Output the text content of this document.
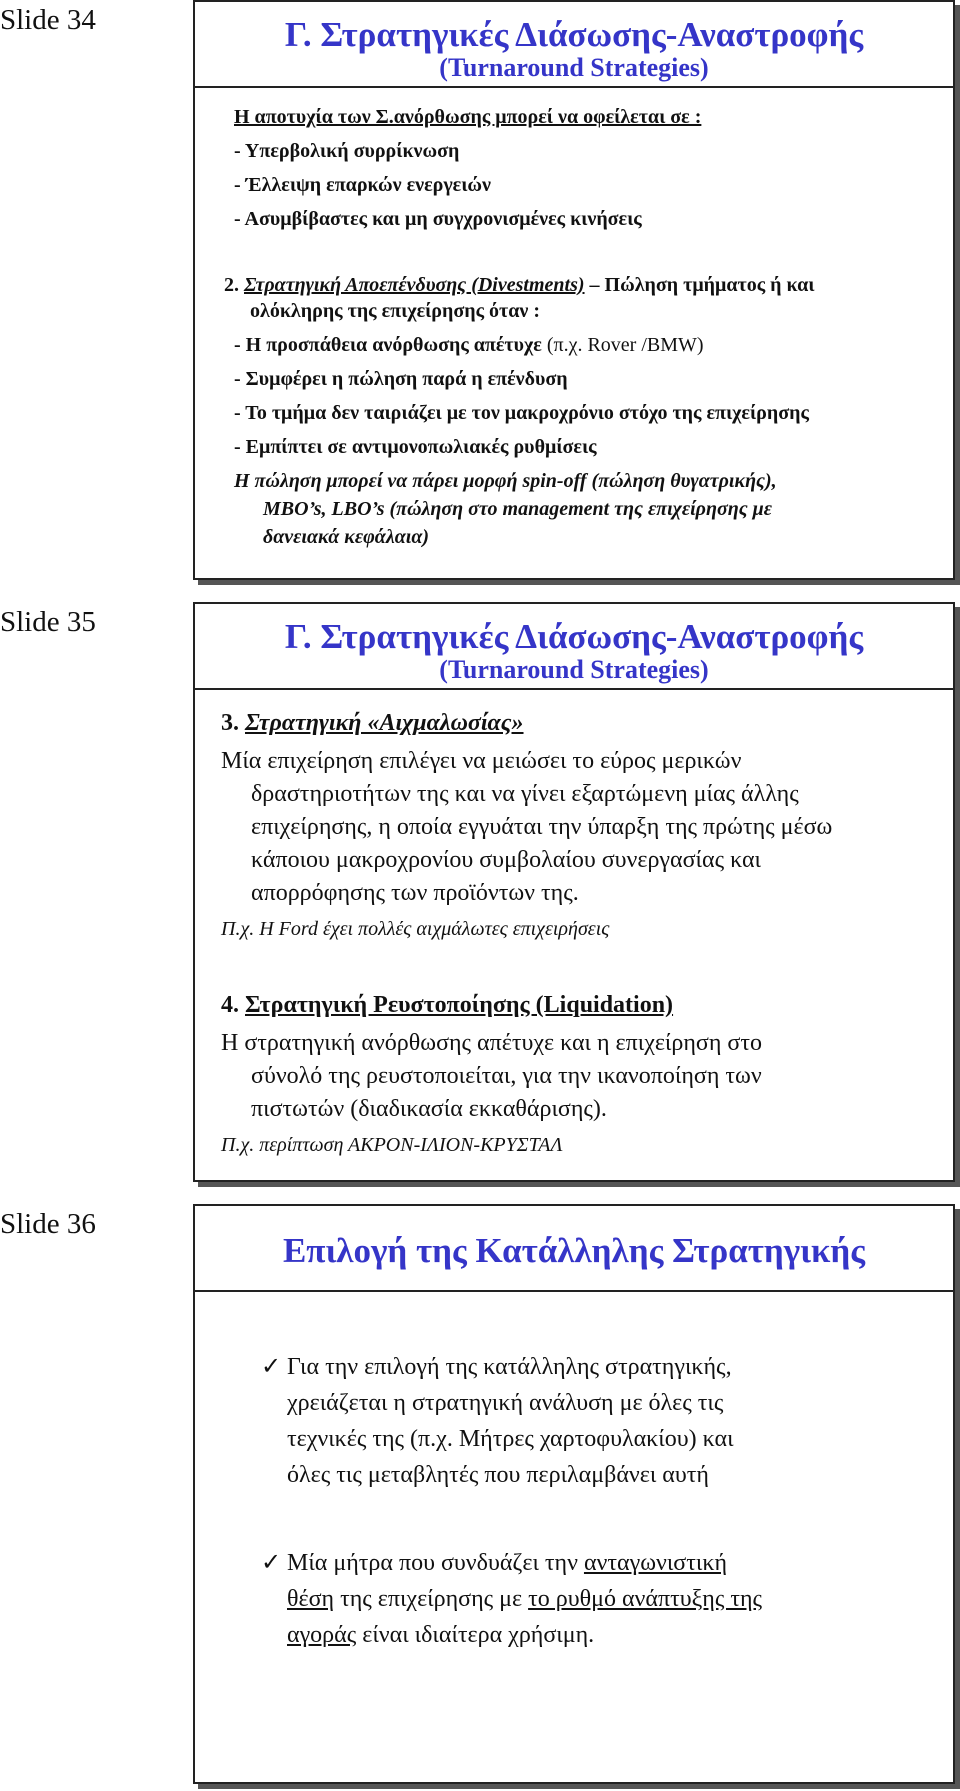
Slide 34	Γ. Στρατηγικές Διάσωσης-Αναστροφής
(Turnaround Strategies)
Η αποτυχία των Σ.ανόρθωσης μπορεί να οφείλεται σε :
- Υπερβολική συρρίκνωση
- Έλλειψη επαρκών ενεργειών
- Ασυμβίβαστες και μη συγχρονισμένες κινήσεις
2. Στρατηγική Αποεπένδυσης (Divestments) – Πώληση τμήματος ή και
ολόκληρης της επιχείρησης όταν :
- Η προσπάθεια ανόρθωσης απέτυχε (π.χ. Rover /BMW)
- Συμφέρει η πώληση παρά η επένδυση
- Το τμήμα δεν ταιριάζει με τον μακροχρόνιο στόχο της επιχείρησης
- Εμπίπτει σε αντιμονοπωλιακές ρυθμίσεις
Η πώληση μπορεί να πάρει μορφή spin-off (πώληση θυγατρικής),
MBO’s, LBO’s (πώληση στο management της επιχείρησης με
δανειακά κεφάλαια)
Slide 35	Γ. Στρατηγικές Διάσωσης-Αναστροφής
(Turnaround Strategies)
3. Στρατηγική «Αιχμαλωσίας»
Μία επιχείρηση επιλέγει να μειώσει το εύρος μερικών
δραστηριοτήτων της και να γίνει εξαρτώμενη μίας άλλης
επιχείρησης, η οποία εγγυάται την ύπαρξη της πρώτης μέσω
κάποιου μακροχρονίου συμβολαίου συνεργασίας και
απορρόφησης των προϊόντων της.
Π.χ. Η Ford έχει πολλές αιχμάλωτες επιχειρήσεις
4. Στρατηγική Ρευστοποίησης (Liquidation)
Η στρατηγική ανόρθωσης απέτυχε και η επιχείρηση στο
σύνολό της ρευστοποιείται, για την ικανοποίηση των
πιστωτών (διαδικασία εκκαθάρισης).
Π.χ. περίπτωση ΑΚΡΟΝ-ΙΛΙΟΝ-ΚΡΥΣΤΑΛ
Slide 36
Επιλογή της Κατάλληλης Στρατηγικής
✓ Για την επιλογή της κατάλληλης στρατηγικής,
χρειάζεται η στρατηγική ανάλυση με όλες τις
τεχνικές της (π.χ. Μήτρες χαρτοφυλακίου) και
όλες τις μεταβλητές που περιλαμβάνει αυτή
✓ Μία μήτρα που συνδυάζει την ανταγωνιστική
θέση της επιχείρησης με το ρυθμό ανάπτυξης της
αγοράς είναι ιδιαίτερα χρήσιμη.
